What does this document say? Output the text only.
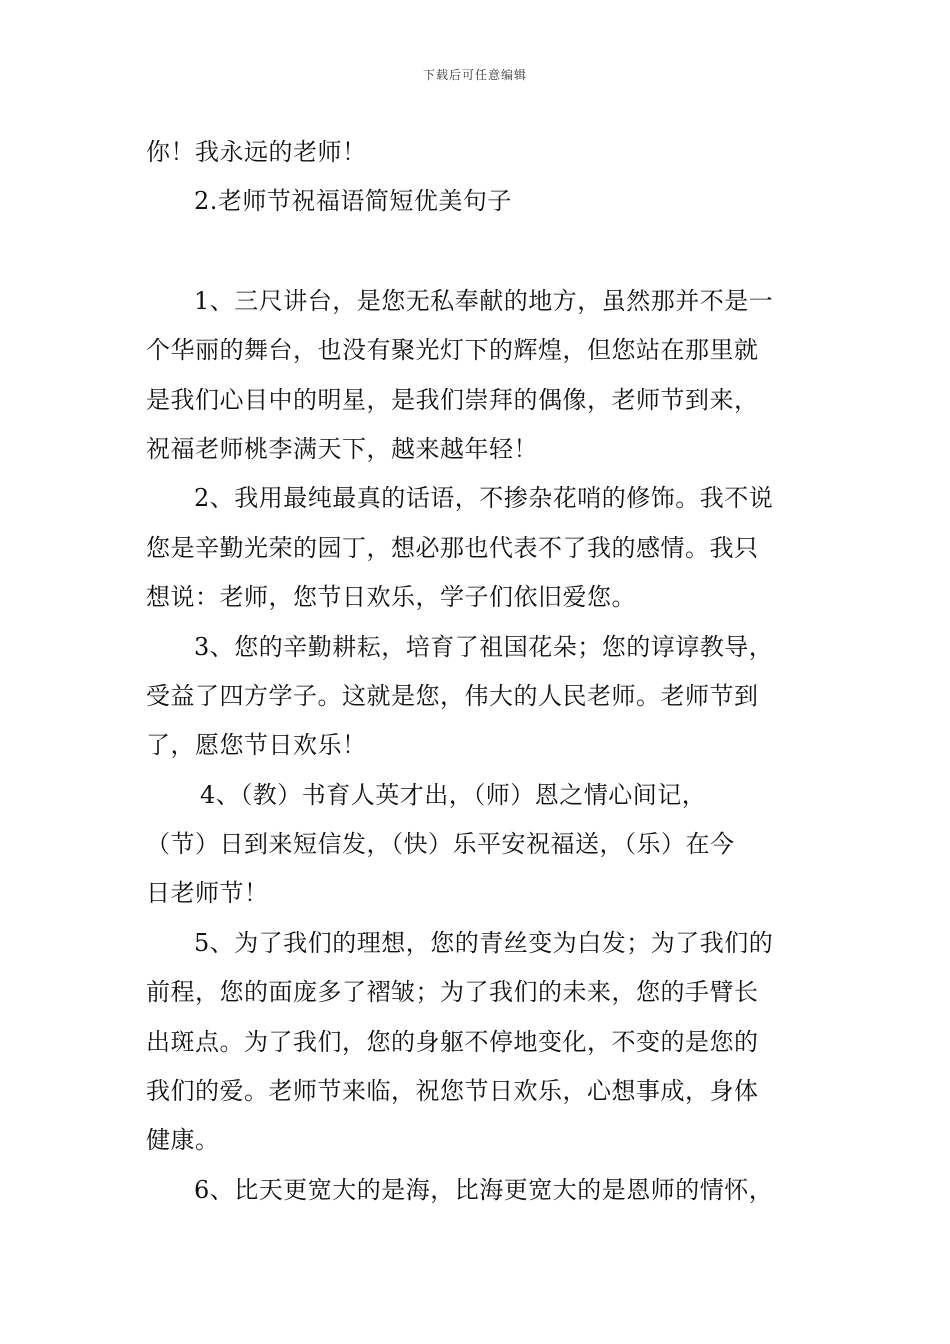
下载后可任意编辑
你！我永远的老师！
2.老师节祝福语简短优美句子
1、三尺讲台，是您无私奉献的地方，虽然那并不是一
个华丽的舞台，也没有聚光灯下的辉煌，但您站在那里就
是我们心目中的明星，是我们崇拜的偶像，老师节到来，
祝福老师桃李满天下，越来越年轻！
2、我用最纯最真的话语，不掺杂花哨的修饰。我不说
您是辛勤光荣的园丁，想必那也代表不了我的感情。我只
想说：老师，您节日欢乐，学子们依旧爱您。
3、您的辛勤耕耘，培育了祖国花朵；您的谆谆教导，
受益了四方学子。这就是您，伟大的人民老师。老师节到
了，愿您节日欢乐！
4、（教）书育人英才出，（师）恩之情心间记，
（节）日到来短信发，（快）乐平安祝福送，（乐）在今
日老师节！
5、为了我们的理想，您的青丝变为白发；为了我们的
前程，您的面庞多了褶皱；为了我们的未来，您的手臂长
出斑点。为了我们，您的身躯不停地变化，不变的是您的
我们的爱。老师节来临，祝您节日欢乐，心想事成，身体
健康。
6、比天更宽大的是海，比海更宽大的是恩师的情怀，
